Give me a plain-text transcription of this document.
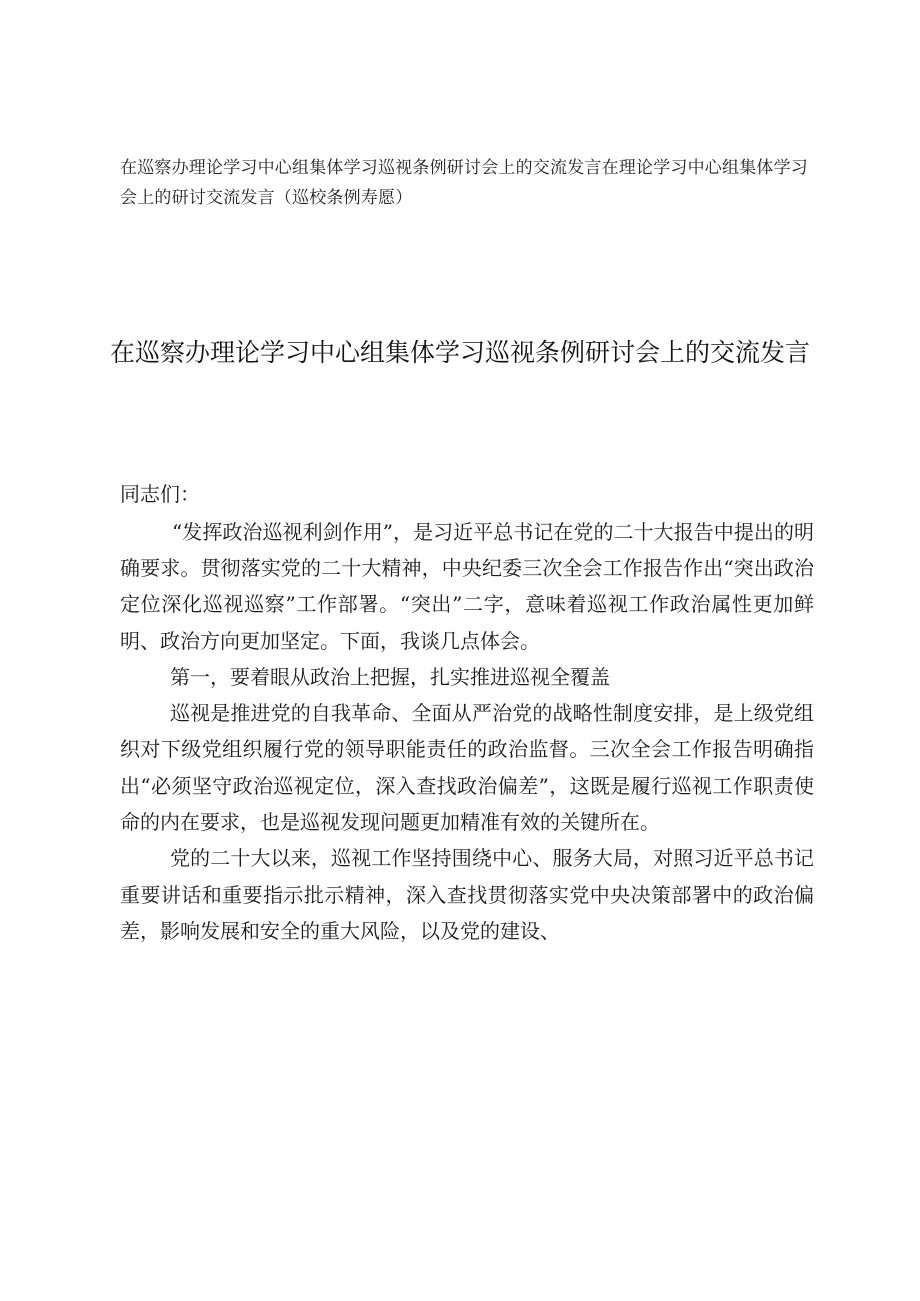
在巡察办理论学习中心组集体学习巡视条例研讨会上的交流发言在理论学习中心组集体学习会上的研讨交流发言（巡校条例寿愿）
在巡察办理论学习中心组集体学习巡视条例研讨会上的交流发言

同志们：

“发挥政治巡视利剑作用”，是习近平总书记在党的二十大报告中提出的明确要求。贯彻落实党的二十大精神，中央纪委三次全会工作报告作出“突出政治定位深化巡视巡察”工作部署。“突出”二字，意味着巡视工作政治属性更加鲜明、政治方向更加坚定。下面，我谈几点体会。

第一，要着眼从政治上把握，扎实推进巡视全覆盖

巡视是推进党的自我革命、全面从严治党的战略性制度安排，是上级党组织对下级党组织履行党的领导职能责任的政治监督。三次全会工作报告明确指出“必须坚守政治巡视定位，深入查找政治偏差”，这既是履行巡视工作职责使命的内在要求，也是巡视发现问题更加精准有效的关键所在。

党的二十大以来，巡视工作坚持围绕中心、服务大局，对照习近平总书记重要讲话和重要指示批示精神，深入查找贯彻落实党中央决策部署中的政治偏差，影响发展和安全的重大风险，以及党的建设、
